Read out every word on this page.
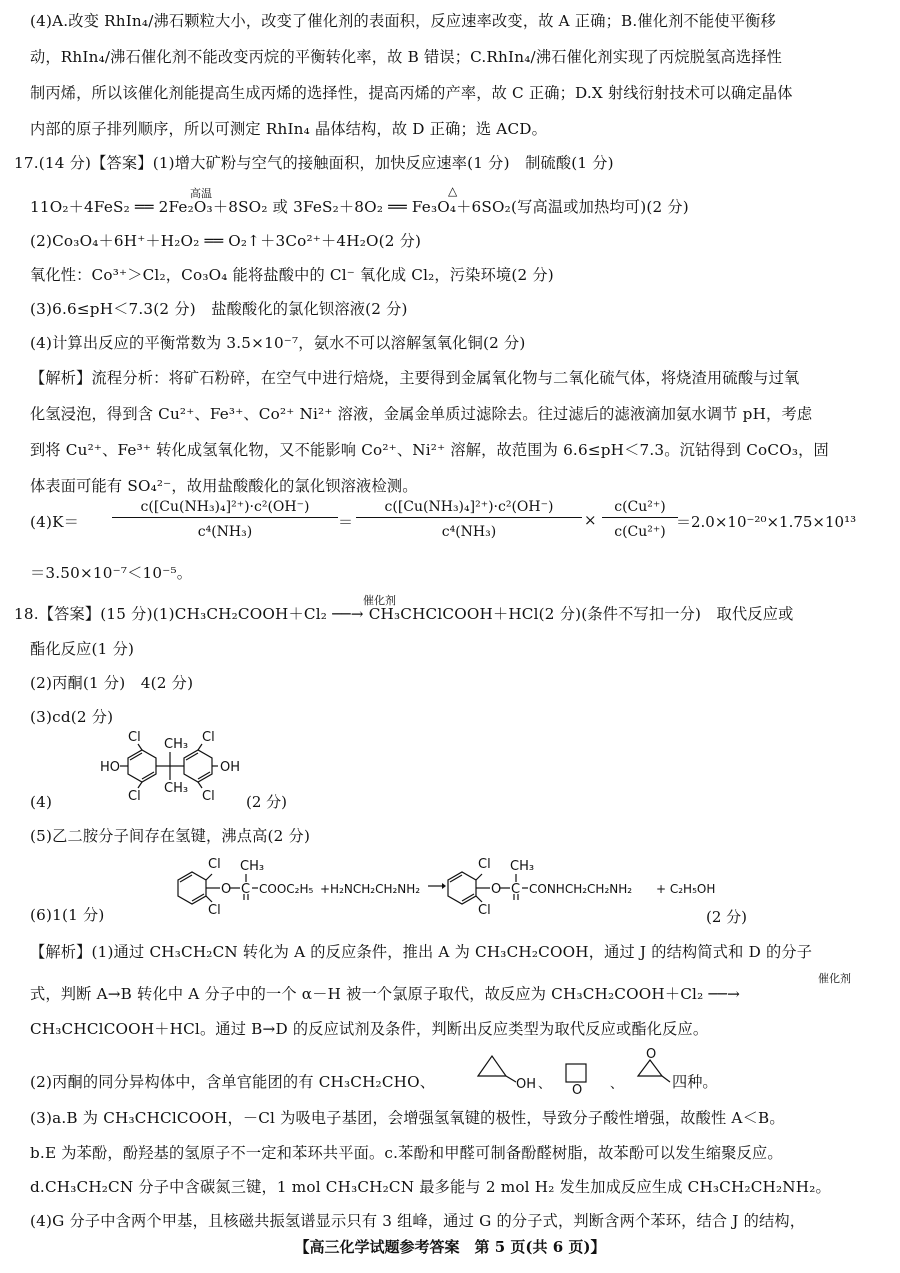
(4)A.改变 RhIn₄/沸石颗粒大小，改变了催化剂的表面积，反应速率改变，故 A 正确；B.催化剂不能使平衡移
动，RhIn₄/沸石催化剂不能改变丙烷的平衡转化率，故 B 错误；C.RhIn₄/沸石催化剂实现了丙烷脱氢高选择性
制丙烯，所以该催化剂能提高生成丙烯的选择性，提高丙烯的产率，故 C 正确；D.X 射线衍射技术可以确定晶体
内部的原子排列顺序，所以可测定 RhIn₄ 晶体结构，故 D 正确；选 ACD。
17.(14 分)【答案】(1)增大矿粉与空气的接触面积，加快反应速率(1 分)　制硫酸(1 分)
11O₂＋4FeS₂ ══ 2Fe₂O₃＋8SO₂ 或 3FeS₂＋8O₂ ══ Fe₃O₄＋6SO₂(写高温或加热均可)(2 分)
高温	△
(2)Co₃O₄＋6H⁺＋H₂O₂ ══ O₂↑＋3Co²⁺＋4H₂O(2 分)
氧化性：Co³⁺＞Cl₂，Co₃O₄ 能将盐酸中的 Cl⁻ 氧化成 Cl₂，污染环境(2 分)
(3)6.6≤pH＜7.3(2 分)　盐酸酸化的氯化钡溶液(2 分)
(4)计算出反应的平衡常数为 3.5×10⁻⁷，氨水不可以溶解氢氧化铜(2 分)
【解析】流程分析：将矿石粉碎，在空气中进行焙烧，主要得到金属氧化物与二氧化硫气体，将烧渣用硫酸与过氧
化氢浸泡，得到含 Cu²⁺、Fe³⁺、Co²⁺ Ni²⁺ 溶液，金属金单质过滤除去。往过滤后的滤液滴加氨水调节 pH，考虑
到将 Cu²⁺、Fe³⁺ 转化成氢氧化物，又不能影响 Co²⁺、Ni²⁺ 溶解，故范围为 6.6≤pH＜7.3。沉钴得到 CoCO₃，固
体表面可能有 SO₄²⁻，故用盐酸酸化的氯化钡溶液检测。
(4)K＝
c([Cu(NH₃)₄]²⁺)·c²(OH⁻)
c⁴(NH₃)
＝
c([Cu(NH₃)₄]²⁺)·c²(OH⁻)
c⁴(NH₃)
×
c(Cu²⁺)
c(Cu²⁺)
＝2.0×10⁻²⁰×1.75×10¹³
＝3.50×10⁻⁷＜10⁻⁵。
18.【答案】(15 分)(1)CH₃CH₂COOH＋Cl₂ ──→ CH₃CHClCOOH＋HCl(2 分)(条件不写扣一分)　取代反应或
催化剂
酯化反应(1 分)
(2)丙酮(1 分)　4(2 分)
(3)cd(2 分)
(4)
Cl CH₃ Cl
HO	OH
Cl
CH₃
Cl (2 分)
(5)乙二胺分子间存在氢键，沸点高(2 分)
(6)1(1 分)
Cl
Cl
O C
CH₃
COOC₂H₅ +H₂NCH₂CH₂NH₂
Cl
Cl
O C
CH₃
CONHCH₂CH₂NH₂ + C₂H₅OH
(2 分)
【解析】(1)通过 CH₃CH₂CN 转化为 A 的反应条件，推出 A 为 CH₃CH₂COOH，通过 J 的结构简式和 D 的分子
式，判断 A→B 转化中 A 分子中的一个 α－H 被一个氯原子取代，故反应为 CH₃CH₂COOH＋Cl₂ ──→
催化剂
CH₃CHClCOOH＋HCl。通过 B→D 的反应试剂及条件，判断出反应类型为取代反应或酯化反应。
(2)丙酮的同分异构体中，含单官能团的有 CH₃CH₂CHO、	OH 、 O 、
O
四种。
(3)a.B 为 CH₃CHClCOOH，－Cl 为吸电子基团，会增强氢氧键的极性，导致分子酸性增强，故酸性 A＜B。
b.E 为苯酚，酚羟基的氢原子不一定和苯环共平面。c.苯酚和甲醛可制备酚醛树脂，故苯酚可以发生缩聚反应。
d.CH₃CH₂CN 分子中含碳氮三键，1 mol CH₃CH₂CN 最多能与 2 mol H₂ 发生加成反应生成 CH₃CH₂CH₂NH₂。
(4)G 分子中含两个甲基，且核磁共振氢谱显示只有 3 组峰，通过 G 的分子式，判断含两个苯环，结合 J 的结构，
【高三化学试题参考答案　第 5 页(共 6 页)】
